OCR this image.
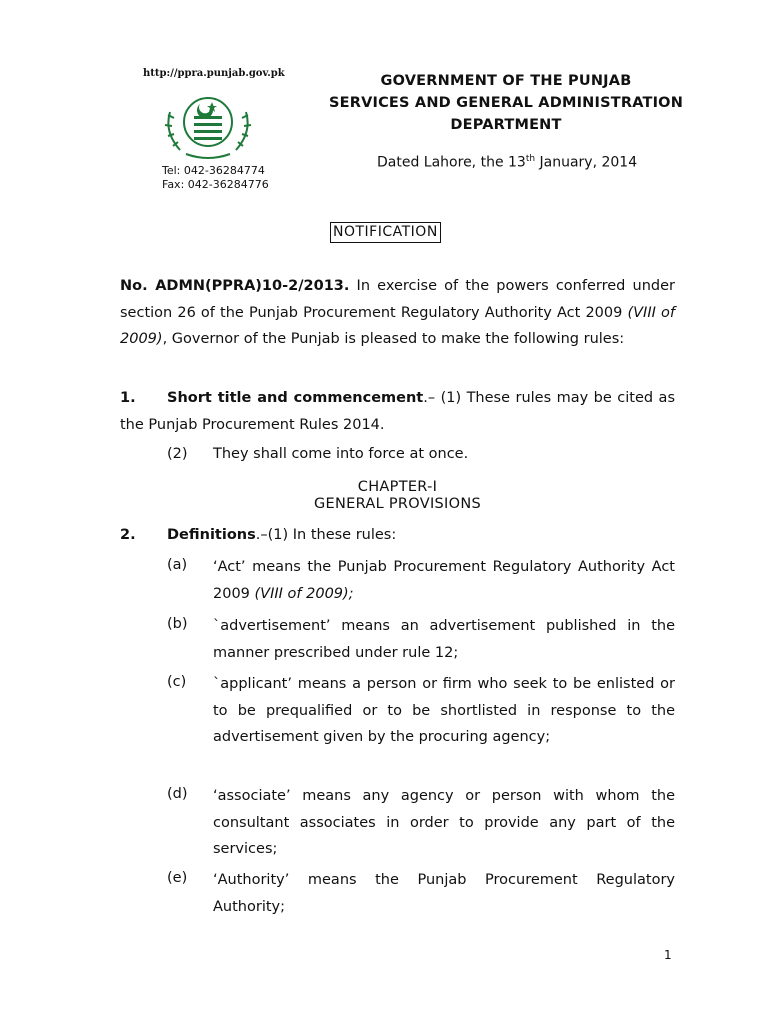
http://ppra.punjab.gov.pk
Tel: 042-36284774
Fax: 042-36284776
GOVERNMENT OF THE PUNJAB
SERVICES AND GENERAL ADMINISTRATION
DEPARTMENT
Dated Lahore, the 13th January, 2014
NOTIFICATION
No. ADMN(PPRA)10-2/2013. In exercise of the powers conferred under section 26 of the Punjab Procurement Regulatory Authority Act 2009 (VIII of 2009), Governor of the Punjab is pleased to make the following rules:
1. Short title and commencement.– (1) These rules may be cited as the Punjab Procurement Rules 2014.
(2) They shall come into force at once.
CHAPTER-I
GENERAL PROVISIONS
2. Definitions.–(1) In these rules:
(a) ‘Act’ means the Punjab Procurement Regulatory Authority Act 2009 (VIII of 2009);
(b) `advertisement’ means an advertisement published in the manner prescribed under rule 12;
(c) `applicant’ means a person or firm who seek to be enlisted or to be prequalified or to be shortlisted in response to the advertisement given by the procuring agency;
(d) ‘associate’ means any agency or person with whom the consultant associates in order to provide any part of the services;
(e) ‘Authority’ means the Punjab Procurement Regulatory Authority;
1
